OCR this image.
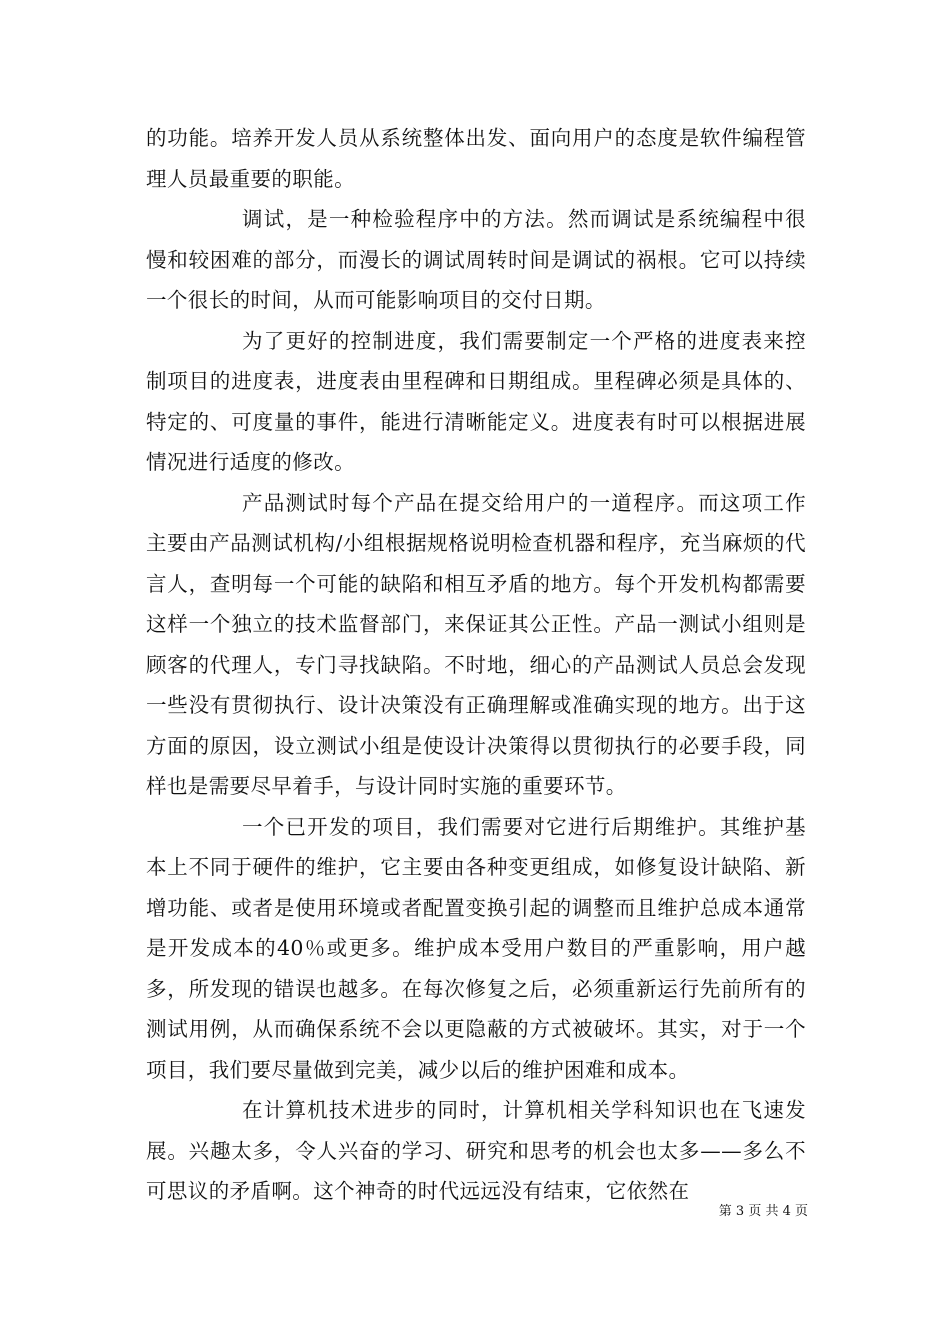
的功能。培养开发人员从系统整体出发、面向用户的态度是软件编程管理人员最重要的职能。

调试，是一种检验程序中的方法。然而调试是系统编程中很慢和较困难的部分，而漫长的调试周转时间是调试的祸根。它可以持续一个很长的时间，从而可能影响项目的交付日期。

为了更好的控制进度，我们需要制定一个严格的进度表来控制项目的进度表，进度表由里程碑和日期组成。里程碑必须是具体的、特定的、可度量的事件，能进行清晰能定义。进度表有时可以根据进展情况进行适度的修改。

产品测试时每个产品在提交给用户的一道程序。而这项工作主要由产品测试机构/小组根据规格说明检查机器和程序，充当麻烦的代言人，查明每一个可能的缺陷和相互矛盾的地方。每个开发机构都需要这样一个独立的技术监督部门，来保证其公正性。产品一测试小组则是顾客的代理人，专门寻找缺陷。不时地，细心的产品测试人员总会发现一些没有贯彻执行、设计决策没有正确理解或准确实现的地方。出于这方面的原因，设立测试小组是使设计决策得以贯彻执行的必要手段，同样也是需要尽早着手，与设计同时实施的重要环节。

一个已开发的项目，我们需要对它进行后期维护。其维护基本上不同于硬件的维护，它主要由各种变更组成，如修复设计缺陷、新增功能、或者是使用环境或者配置变换引起的调整而且维护总成本通常是开发成本的40％或更多。维护成本受用户数目的严重影响，用户越多，所发现的错误也越多。在每次修复之后，必须重新运行先前所有的测试用例，从而确保系统不会以更隐蔽的方式被破坏。其实，对于一个项目，我们要尽量做到完美，减少以后的维护困难和成本。

在计算机技术进步的同时，计算机相关学科知识也在飞速发展。兴趣太多，令人兴奋的学习、研究和思考的机会也太多——多么不可思议的矛盾啊。这个神奇的时代远远没有结束，它依然在

第 3 页 共 4 页
